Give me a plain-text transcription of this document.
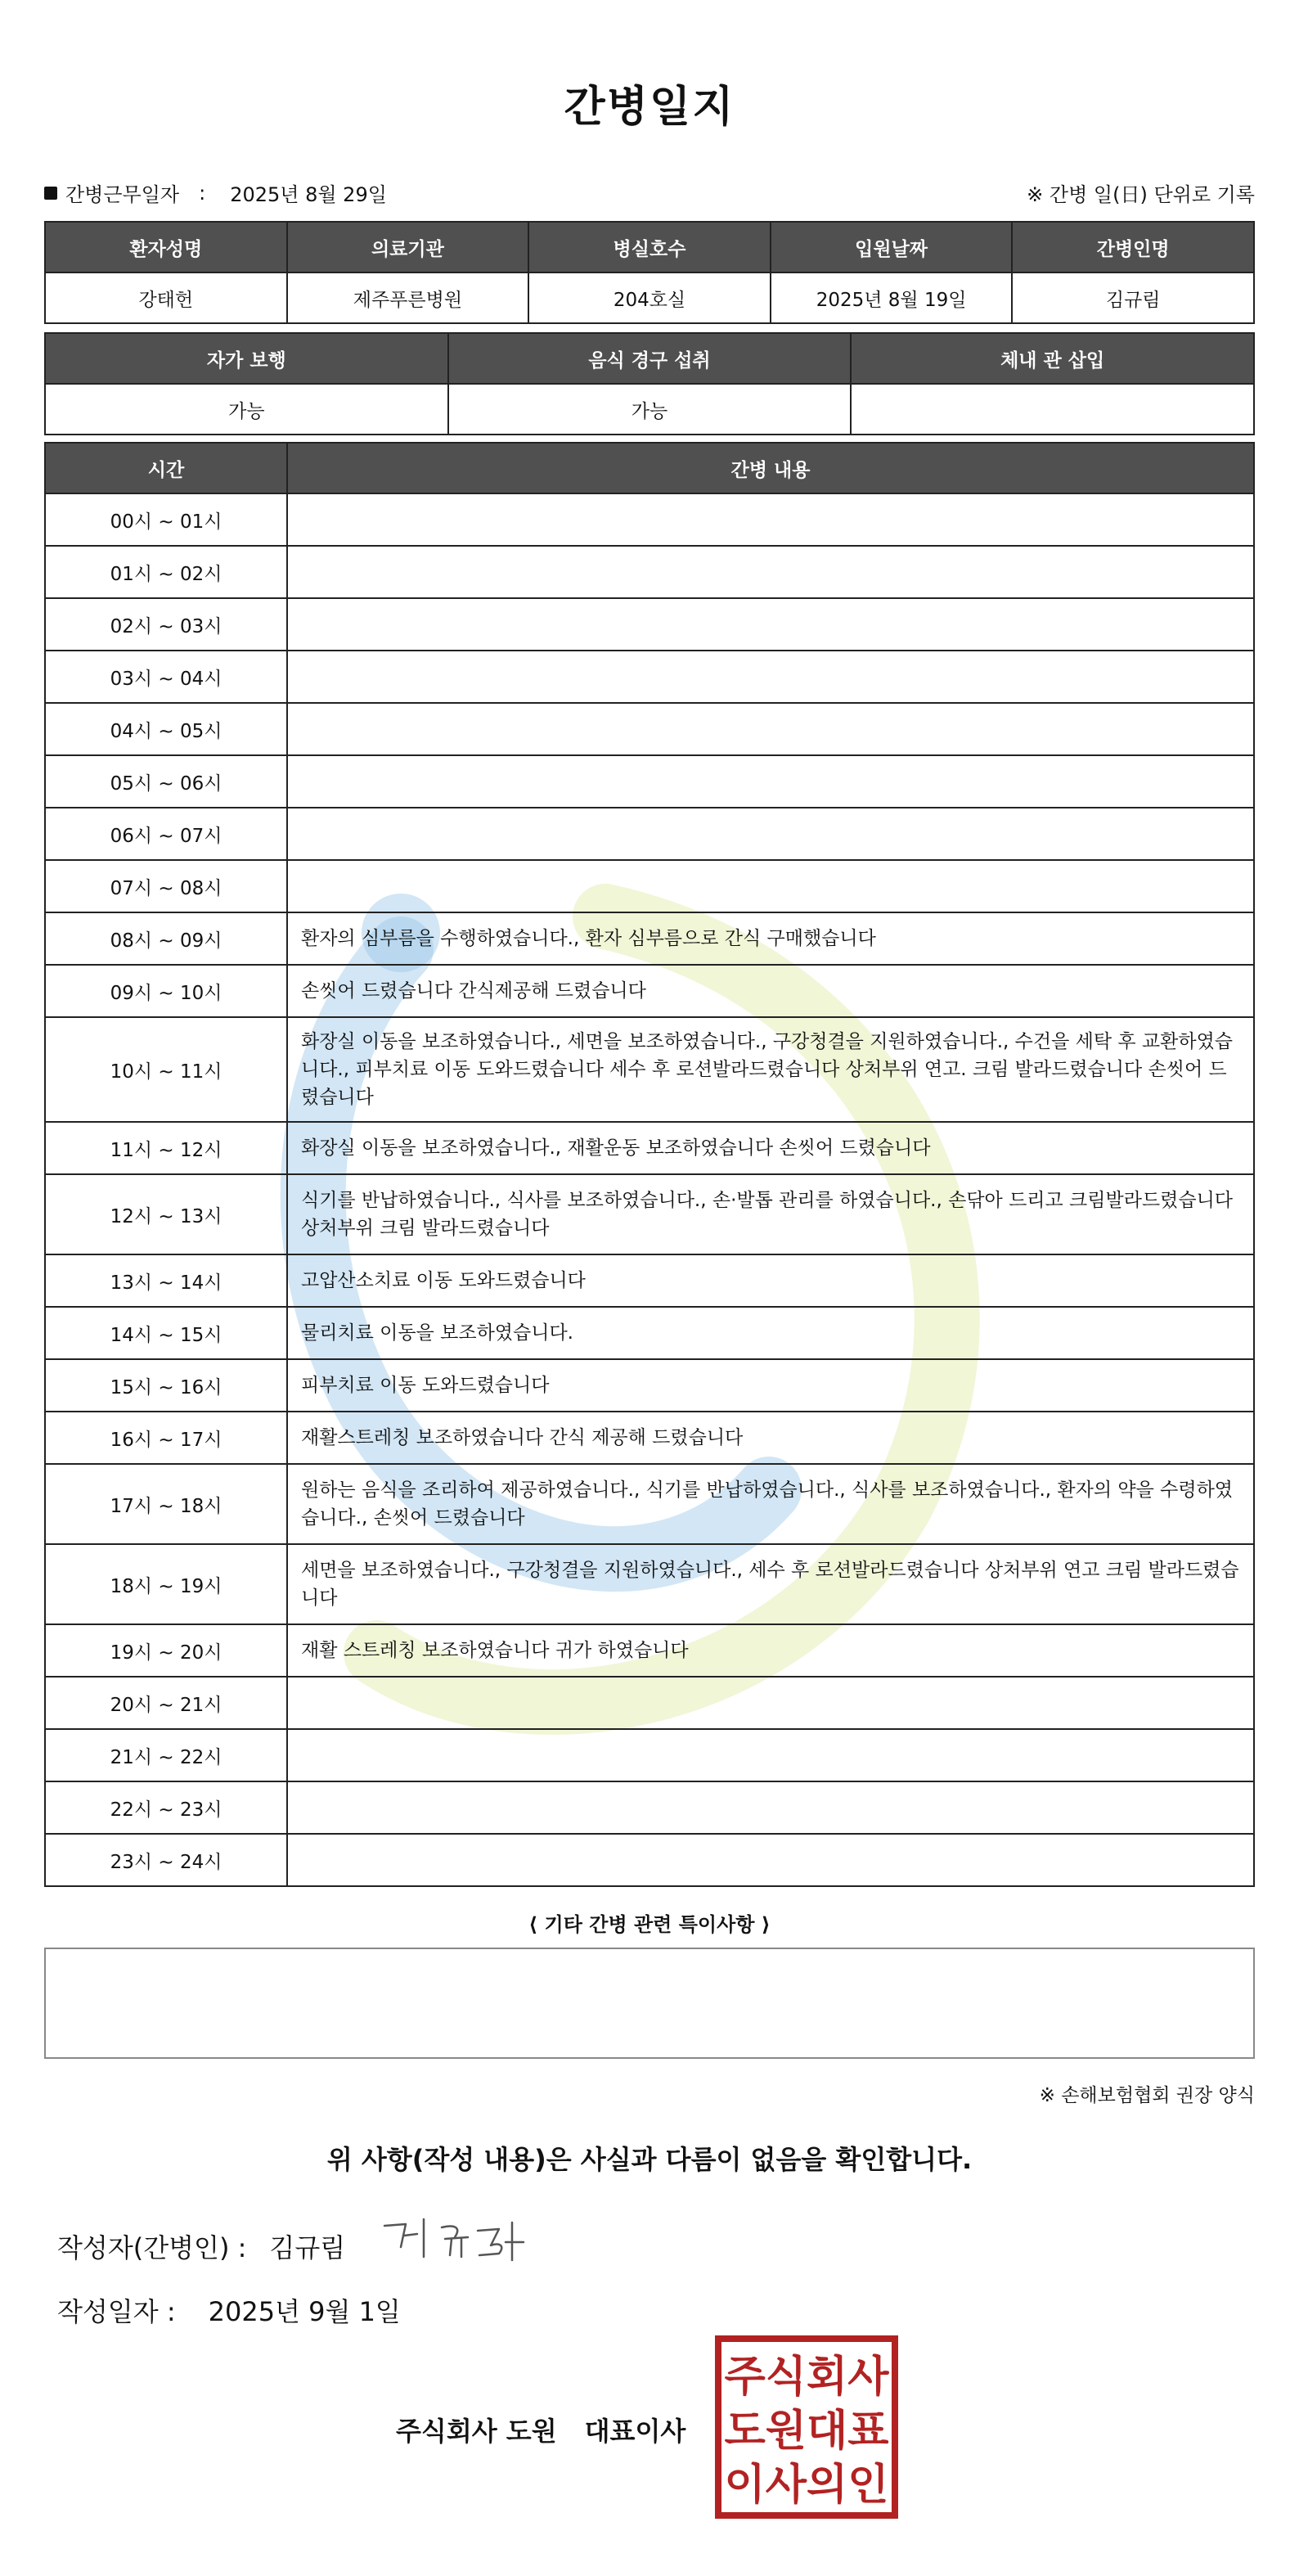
간병일지
간병근무일자 : 2025년 8월 29일	※ 간병 일(日) 단위로 기록
환자성명	의료기관	병실호수	입원날짜	간병인명
강태헌	제주푸른병원	204호실	2025년 8월 19일	김규림
자가 보행	음식 경구 섭취	체내 관 삽입
가능	가능	
시간	간병 내용
00시 ~ 01시	
01시 ~ 02시	
02시 ~ 03시	
03시 ~ 04시	
04시 ~ 05시	
05시 ~ 06시	
06시 ~ 07시	
07시 ~ 08시	
08시 ~ 09시	환자의 심부름을 수행하였습니다., 환자 심부름으로 간식 구매했습니다
09시 ~ 10시	손씻어 드렸습니다 간식제공해 드렸습니다
10시 ~ 11시	화장실 이동을 보조하였습니다., 세면을 보조하였습니다., 구강청결을 지원하였습니다., 수건을 세탁 후 교환하였습니다., 피부치료 이동 도와드렸습니다 세수 후 로션발라드렸습니다 상처부위 연고. 크림 발라드렸습니다 손씻어 드렸습니다
11시 ~ 12시	화장실 이동을 보조하였습니다., 재활운동 보조하였습니다 손씻어 드렸습니다
12시 ~ 13시	식기를 반납하였습니다., 식사를 보조하였습니다., 손·발톱 관리를 하였습니다., 손닦아 드리고 크림발라드렸습니다 상처부위 크림 발라드렸습니다
13시 ~ 14시	고압산소치료 이동 도와드렸습니다
14시 ~ 15시	물리치료 이동을 보조하였습니다.
15시 ~ 16시	피부치료 이동 도와드렸습니다
16시 ~ 17시	재활스트레칭 보조하였습니다 간식 제공해 드렸습니다
17시 ~ 18시	원하는 음식을 조리하여 제공하였습니다., 식기를 반납하였습니다., 식사를 보조하였습니다., 환자의 약을 수령하였습니다., 손씻어 드렸습니다
18시 ~ 19시	세면을 보조하였습니다., 구강청결을 지원하였습니다., 세수 후 로션발라드렸습니다 상처부위 연고 크림 발라드렸습니다
19시 ~ 20시	재활 스트레칭 보조하였습니다 귀가 하였습니다
20시 ~ 21시	
21시 ~ 22시	
22시 ~ 23시	
23시 ~ 24시	
⟨ 기타 간병 관련 특이사항 ⟩
※ 손해보험협회 권장 양식
위 사항(작성 내용)은 사실과 다름이 없음을 확인합니다.
작성자(간병인) : 김규림
작성일자 : 2025년 9월 1일
주식회사 도원 대표이사
주식회사
도원대표
이사의인
